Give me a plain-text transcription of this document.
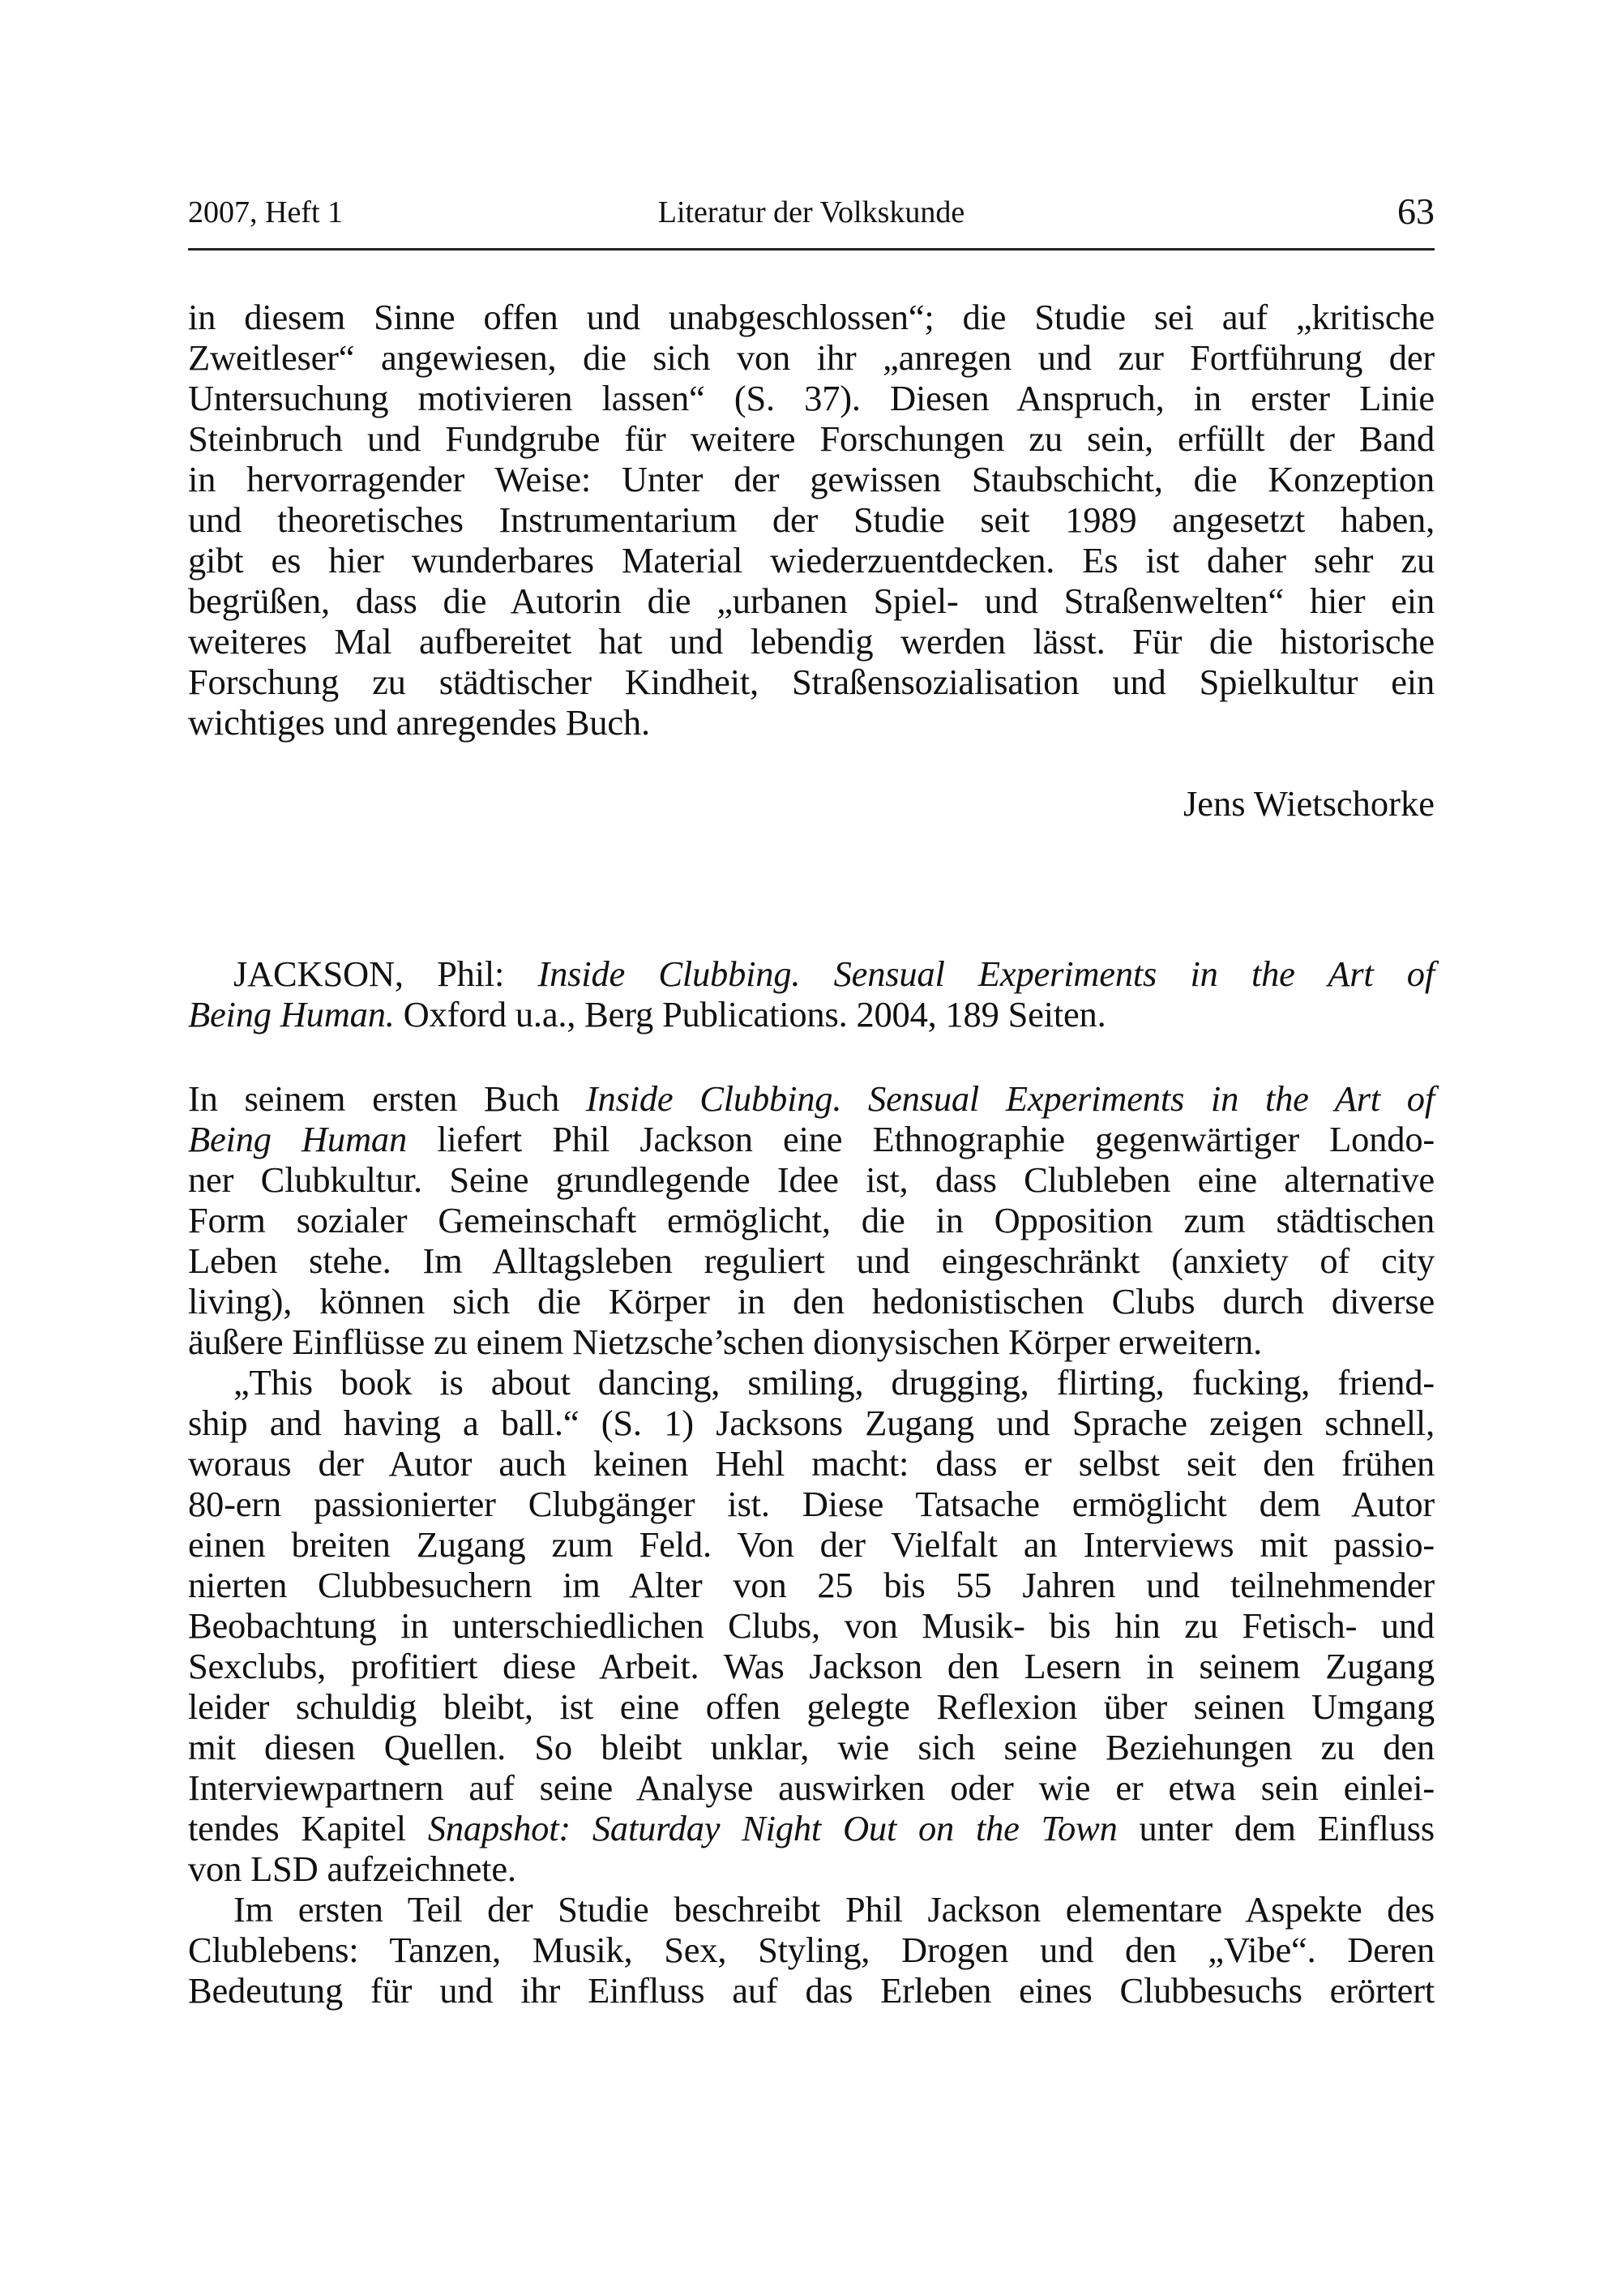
2007, Heft 1	Literatur der Volkskunde	63
in diesem Sinne offen und unabgeschlossen“; die Studie sei auf „kritische
Zweitleser“ angewiesen, die sich von ihr „anregen und zur Fortführung der
Untersuchung motivieren lassen“ (S. 37). Diesen Anspruch, in erster Linie
Steinbruch und Fundgrube für weitere Forschungen zu sein, erfüllt der Band
in hervorragender Weise: Unter der gewissen Staubschicht, die Konzeption
und theoretisches Instrumentarium der Studie seit 1989 angesetzt haben,
gibt es hier wunderbares Material wiederzuentdecken. Es ist daher sehr zu
begrüßen, dass die Autorin die „urbanen Spiel- und Straßenwelten“ hier ein
weiteres Mal aufbereitet hat und lebendig werden lässt. Für die historische
Forschung zu städtischer Kindheit, Straßensozialisation und Spielkultur ein
wichtiges und anregendes Buch.
Jens Wietschorke
JACKSON, Phil: Inside Clubbing. Sensual Experiments in the Art of
Being Human. Oxford u.a., Berg Publications. 2004, 189 Seiten.
In seinem ersten Buch Inside Clubbing. Sensual Experiments in the Art of
Being Human liefert Phil Jackson eine Ethnographie gegenwärtiger Londo-
ner Clubkultur. Seine grundlegende Idee ist, dass Clubleben eine alternative
Form sozialer Gemeinschaft ermöglicht, die in Opposition zum städtischen
Leben stehe. Im Alltagsleben reguliert und eingeschränkt (anxiety of city
living), können sich die Körper in den hedonistischen Clubs durch diverse
äußere Einflüsse zu einem Nietzsche’schen dionysischen Körper erweitern.
„This book is about dancing, smiling, drugging, flirting, fucking, friend-
ship and having a ball.“ (S. 1) Jacksons Zugang und Sprache zeigen schnell,
woraus der Autor auch keinen Hehl macht: dass er selbst seit den frühen
80-ern passionierter Clubgänger ist. Diese Tatsache ermöglicht dem Autor
einen breiten Zugang zum Feld. Von der Vielfalt an Interviews mit passio-
nierten Clubbesuchern im Alter von 25 bis 55 Jahren und teilnehmender
Beobachtung in unterschiedlichen Clubs, von Musik- bis hin zu Fetisch- und
Sexclubs, profitiert diese Arbeit. Was Jackson den Lesern in seinem Zugang
leider schuldig bleibt, ist eine offen gelegte Reflexion über seinen Umgang
mit diesen Quellen. So bleibt unklar, wie sich seine Beziehungen zu den
Interviewpartnern auf seine Analyse auswirken oder wie er etwa sein einlei-
tendes Kapitel Snapshot: Saturday Night Out on the Town unter dem Einfluss
von LSD aufzeichnete.
Im ersten Teil der Studie beschreibt Phil Jackson elementare Aspekte des
Clublebens: Tanzen, Musik, Sex, Styling, Drogen und den „Vibe“. Deren
Bedeutung für und ihr Einfluss auf das Erleben eines Clubbesuchs erörtert
